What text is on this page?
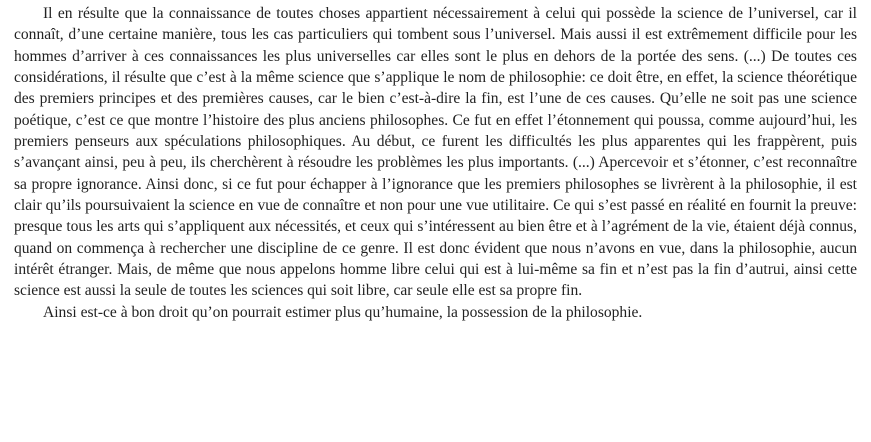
Il en résulte que la connaissance de toutes choses appartient nécessairement à celui qui possède la science de l’universel, car il connaît, d’une certaine manière, tous les cas particuliers qui tombent sous l’universel. Mais aussi il est extrêmement difficile pour les hommes d’arriver à ces connaissances les plus universelles car elles sont le plus en dehors de la portée des sens. (...) De toutes ces considérations, il résulte que c’est à la même science que s’applique le nom de philosophie: ce doit être, en effet, la science théorétique des premiers principes et des premières causes, car le bien c’est-à-dire la fin, est l’une de ces causes. Qu’elle ne soit pas une science poétique, c’est ce que montre l’histoire des plus anciens philosophes. Ce fut en effet l’étonnement qui poussa, comme aujourd’hui, les premiers penseurs aux spéculations philosophiques. Au début, ce furent les difficultés les plus apparentes qui les frappèrent, puis s’avançant ainsi, peu à peu, ils cherchèrent à résoudre les problèmes les plus importants. (...) Apercevoir et s’étonner, c’est reconnaître sa propre ignorance. Ainsi donc, si ce fut pour échapper à l’ignorance que les premiers philosophes se livrèrent à la philosophie, il est clair qu’ils poursuivaient la science en vue de connaître et non pour une vue utilitaire. Ce qui s’est passé en réalité en fournit la preuve: presque tous les arts qui s’appliquent aux nécessités, et ceux qui s’intéressent au bien être et à l’agrément de la vie, étaient déjà connus, quand on commença à rechercher une discipline de ce genre. Il est donc évident que nous n’avons en vue, dans la philosophie, aucun intérêt étranger. Mais, de même que nous appelons homme libre celui qui est à lui-même sa fin et n’est pas la fin d’autrui, ainsi cette science est aussi la seule de toutes les sciences qui soit libre, car seule elle est sa propre fin.

Ainsi est-ce à bon droit qu’on pourrait estimer plus qu’humaine, la possession de la philosophie.
